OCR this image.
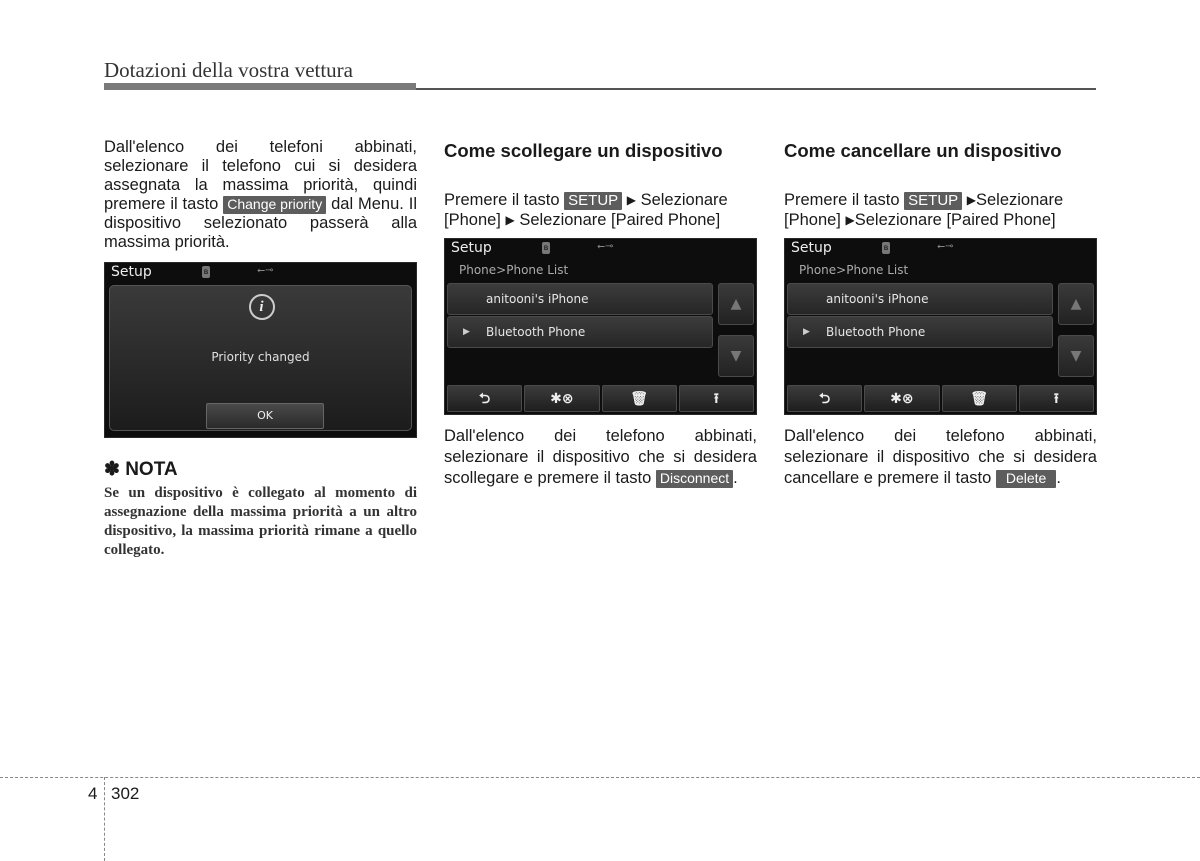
Dotazioni della vostra vettura

Dall'elenco dei telefoni abbinati, selezionare il telefono cui si desidera assegnata la massima priorità, quindi premere il tasto Change priority dal Menu. Il dispositivo selezionato passerà alla massima priorità.

Setup	ʙ	⭠⊸
i
Priority changed
OK

✽ NOTA

Se un dispositivo è collegato al momento di assegnazione della massima priorità a un altro dispositivo, la massima priorità rimane a quello collegato.

Come scollegare un dispositivo

Premere il tasto SETUP ▶ Selezionare [Phone] ▶ Selezionare [Paired Phone]

Setup	ʙ	⭠⊸
Phone>Phone List
anitooni's iPhone
▶ Bluetooth Phone
▲
▼
⮌	✱⊗	🗑	⭱

Dall'elenco dei telefono abbinati, selezionare il dispositivo che si desidera scollegare e premere il tasto Disconnect .

Come cancellare un dispositivo

Premere il tasto SETUP ▶Selezionare [Phone] ▶Selezionare [Paired Phone]

Setup	ʙ	⭠⊸
Phone>Phone List
anitooni's iPhone
▶ Bluetooth Phone
▲
▼
⮌	✱⊗	🗑	⭱

Dall'elenco dei telefono abbinati, selezionare il dispositivo che si desidera cancellare e premere il tasto Delete .

4 302
